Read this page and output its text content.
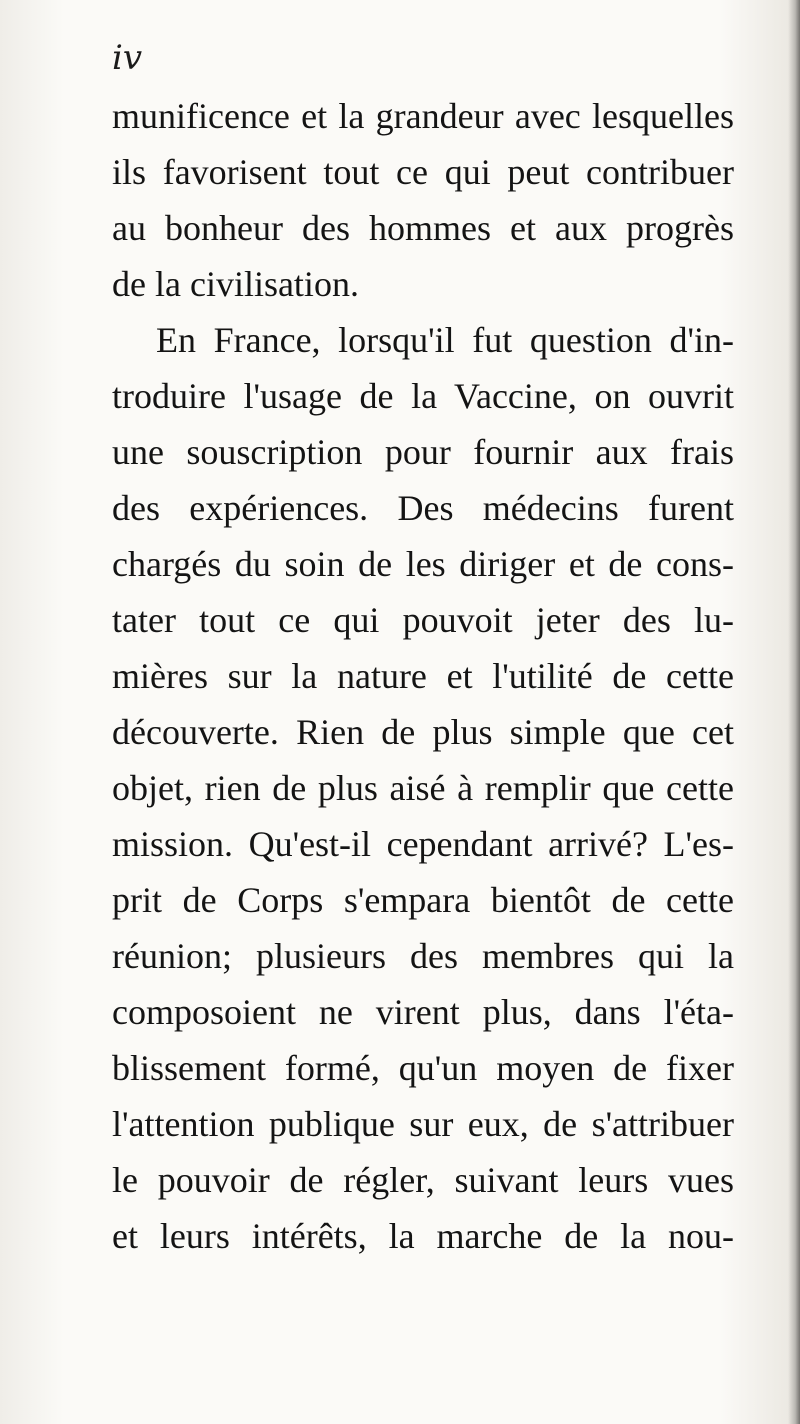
iv
munificence et la grandeur avec lesquelles
ils favorisent tout ce qui peut contribuer
au bonheur des hommes et aux progrès
de la civilisation.
En France, lorsqu'il fut question d'in-
troduire l'usage de la Vaccine, on ouvrit
une souscription pour fournir aux frais
des expériences. Des médecins furent
chargés du soin de les diriger et de cons-
tater tout ce qui pouvoit jeter des lu-
mières sur la nature et l'utilité de cette
découverte. Rien de plus simple que cet
objet, rien de plus aisé à remplir que cette
mission. Qu'est-il cependant arrivé? L'es-
prit de Corps s'empara bientôt de cette
réunion; plusieurs des membres qui la
composoient ne virent plus, dans l'éta-
blissement formé, qu'un moyen de fixer
l'attention publique sur eux, de s'attribuer
le pouvoir de régler, suivant leurs vues
et leurs intérêts, la marche de la nou-
